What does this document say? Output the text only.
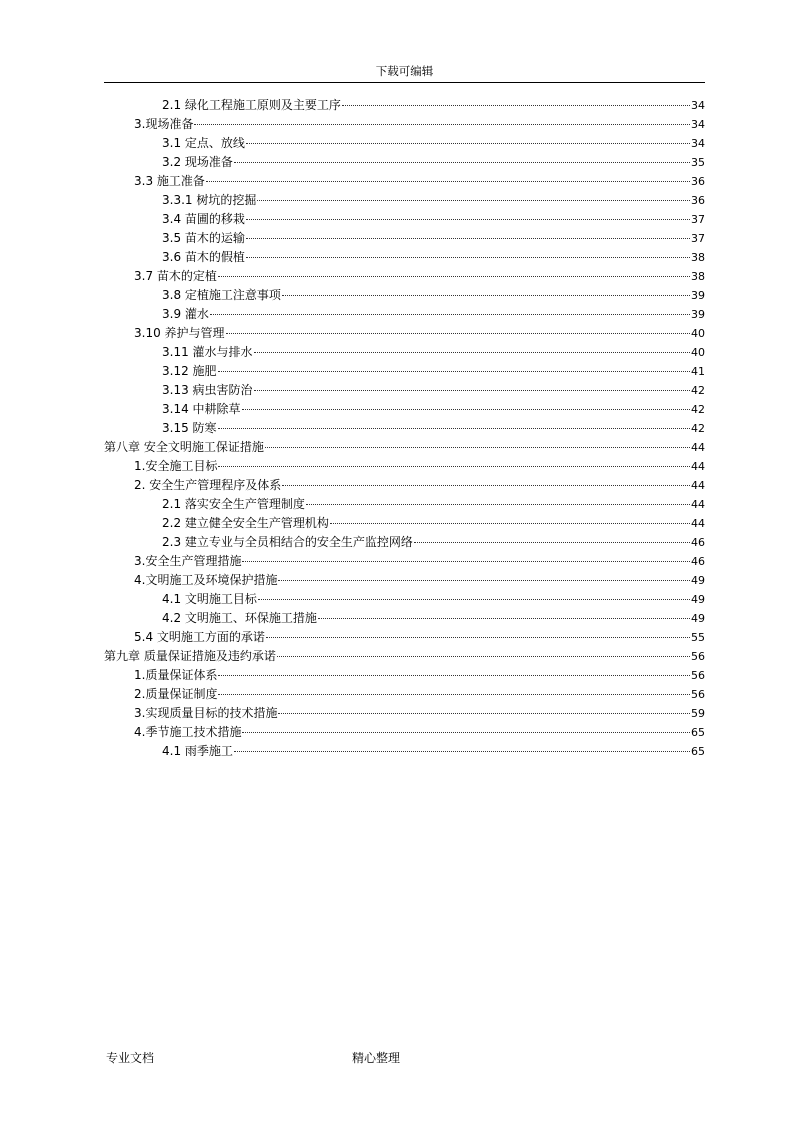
下载可编辑
2.1 绿化工程施工原则及主要工序	34
3.现场准备	34
3.1 定点、放线	34
3.2 现场准备	35
3.3 施工准备	36
3.3.1 树坑的挖掘	36
3.4 苗圃的移栽	37
3.5 苗木的运输	37
3.6 苗木的假植	38
3.7 苗木的定植	38
3.8 定植施工注意事项	39
3.9 灌水	39
3.10 养护与管理	40
3.11 灌水与排水	40
3.12 施肥	41
3.13 病虫害防治	42
3.14 中耕除草	42
3.15 防寒	42
第八章 安全文明施工保证措施	44
1.安全施工目标	44
2. 安全生产管理程序及体系	44
2.1 落实安全生产管理制度	44
2.2 建立健全安全生产管理机构	44
2.3 建立专业与全员相结合的安全生产监控网络	46
3.安全生产管理措施	46
4.文明施工及环境保护措施	49
4.1 文明施工目标	49
4.2 文明施工、环保施工措施	49
5.4 文明施工方面的承诺	55
第九章 质量保证措施及违约承诺	56
1.质量保证体系	56
2.质量保证制度	56
3.实现质量目标的技术措施	59
4.季节施工技术措施	65
4.1 雨季施工	65
专业文档	精心整理
